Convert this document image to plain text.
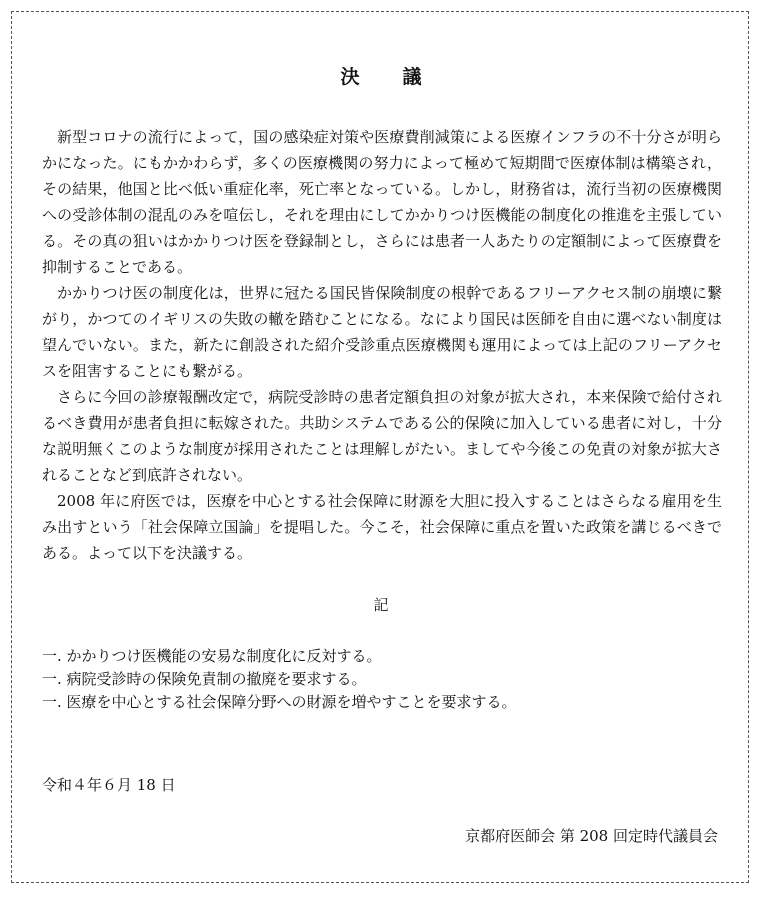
決　議

新型コロナの流行によって，国の感染症対策や医療費削減策による医療インフラの不十分さが明らかになった。にもかかわらず，多くの医療機関の努力によって極めて短期間で医療体制は構築され，その結果，他国と比べ低い重症化率，死亡率となっている。しかし，財務省は，流行当初の医療機関への受診体制の混乱のみを喧伝し，それを理由にしてかかりつけ医機能の制度化の推進を主張している。その真の狙いはかかりつけ医を登録制とし，さらには患者一人あたりの定額制によって医療費を抑制することである。

かかりつけ医の制度化は，世界に冠たる国民皆保険制度の根幹であるフリーアクセス制の崩壊に繋がり，かつてのイギリスの失敗の轍を踏むことになる。なにより国民は医師を自由に選べない制度は望んでいない。また，新たに創設された紹介受診重点医療機関も運用によっては上記のフリーアクセスを阻害することにも繋がる。

さらに今回の診療報酬改定で，病院受診時の患者定額負担の対象が拡大され，本来保険で給付されるべき費用が患者負担に転嫁された。共助システムである公的保険に加入している患者に対し，十分な説明無くこのような制度が採用されたことは理解しがたい。ましてや今後この免責の対象が拡大されることなど到底許されない。

2008 年に府医では，医療を中心とする社会保障に財源を大胆に投入することはさらなる雇用を生み出すという「社会保障立国論」を提唱した。今こそ，社会保障に重点を置いた政策を講じるべきである。よって以下を決議する。

記
一. かかりつけ医機能の安易な制度化に反対する。
一. 病院受診時の保険免責制の撤廃を要求する。
一. 医療を中心とする社会保障分野への財源を増やすことを要求する。
令和４年６月 18 日
京都府医師会 第 208 回定時代議員会
